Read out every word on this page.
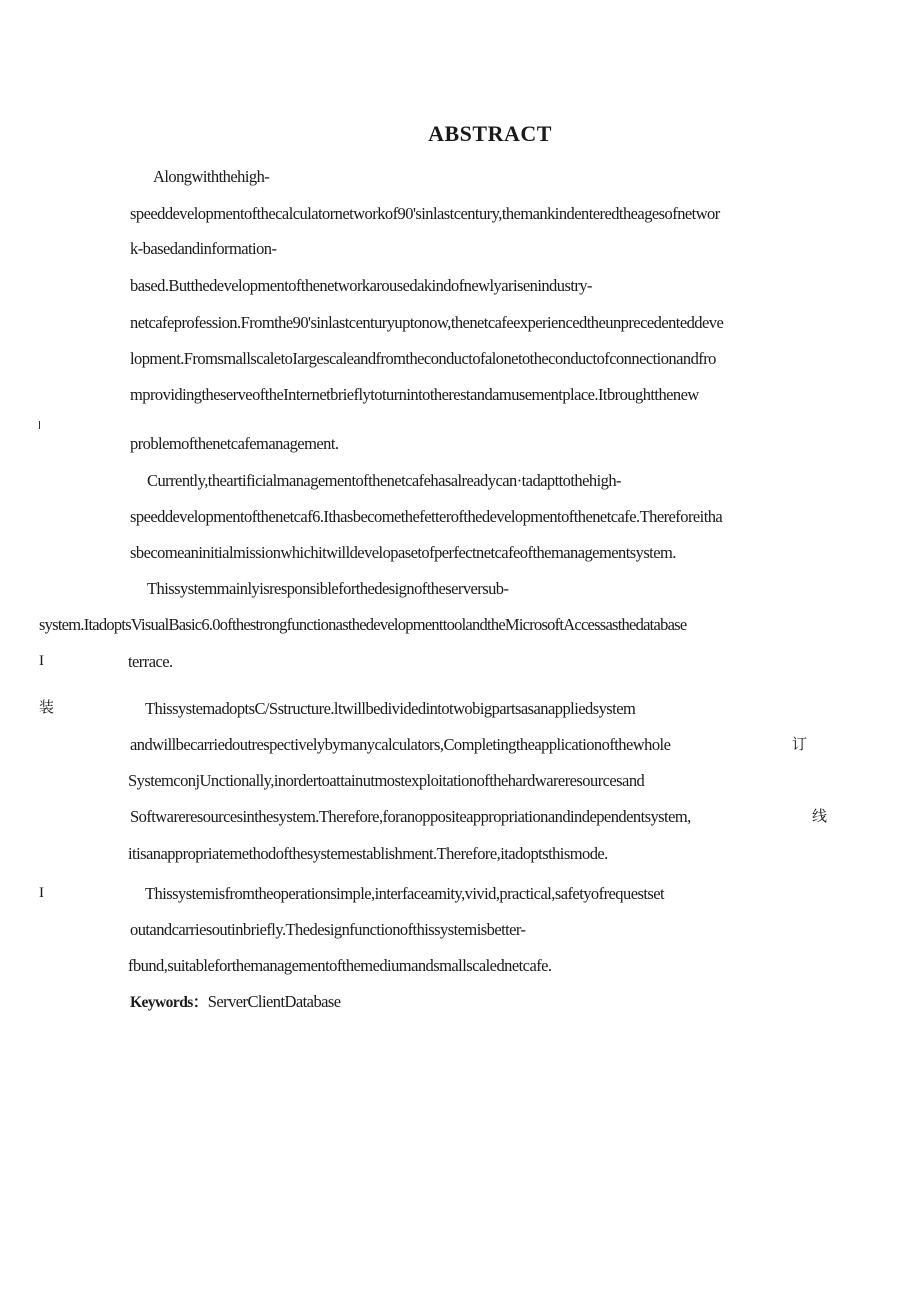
ABSTRACT
Alongwiththehigh-
speeddevelopmentofthecalculatornetworkof90'sinlastcentury,themankindenteredtheagesofnetwor
k-basedandinformation-
based.Butthedevelopmentofthenetworkarousedakindofnewlyarisenindustry-
netcafeprofession.Fromthe90'sinlastcenturyuptonow,thenetcafeexperiencedtheunprecedenteddeve
lopment.FromsmallscaletoIargescaleandfromtheconductofalonetotheconductofconnectionandfro
mprovidingtheserveoftheInternetbrieflytoturnintotherestandamusementplace.Itbroughtthenew
problemofthenetcafemanagement.
Currently,theartificialmanagementofthenetcafehasalreadycan·tadapttothehigh-
speeddevelopmentofthenetcaf6.Ithasbecomethefetterofthedevelopmentofthenetcafe.Thereforeitha
sbecomeaninitialmissionwhichitwilldevelopasetofperfectnetcafeofthemanagementsystem.
Thissystemmainlyisresponsibleforthedesignoftheserversub-
system.ItadoptsVisualBasic6.0ofthestrongfunctionasthedevelopmenttoolandtheMicrosoftAccessasthedatabase
I	terrace.
装	ThissystemadoptsC/Sstructure.ltwillbedividedintotwobigpartsasanappliedsystem
andwillbecarriedoutrespectivelybymanycalculators,Completingtheapplicationofthewhole	订
SystemconjUnctionally,inordertoattainutmostexploitationofthehardwareresourcesand
Softwareresourcesinthesystem.Therefore,foranoppositeappropriationandindependentsystem,	线
itisanappropriatemethodofthesystemestablishment.Therefore,itadoptsthismode.
I	Thissystemisfromtheoperationsimple,interfaceamity,vivid,practical,safetyofrequestset
outandcarriesoutinbriefly.Thedesignfunctionofthissystemisbetter-
fbund,suitableforthemanagementofthemediumandsmallscalednetcafe.
Keywords：ServerClientDatabase
